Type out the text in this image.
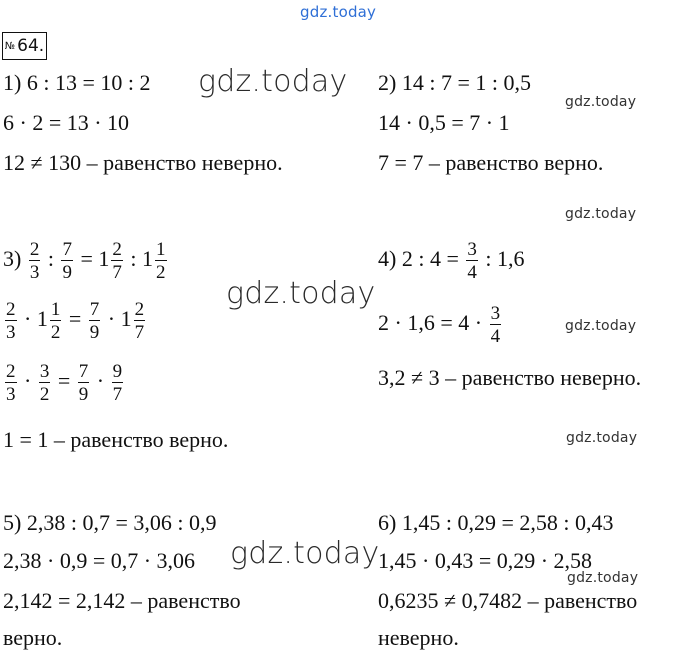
gdz.today
gdz.today
gdz.today
gdz.today
gdz.today
gdz.today
gdz.today
gdz.today
gdz.today
№ 64.
1) 6 : 13 = 10 : 2
6 · 2 = 13 · 10
12 ≠ 130 – равенство неверно.
2) 14 : 7 = 1 : 0,5
14 · 0,5 = 7 · 1
7 = 7 – равенство верно.
$3) \frac{2}{3}$ : $\frac{7}{9} = 1 \frac{2}{7}$ : $1 \frac{1}{2}$
$\frac{2}{3} \cdot 1 \frac{1}{2} = \frac{7}{9} \cdot 1 \frac{2}{7}$
$\frac{2}{3} \cdot \frac{3}{2} = \frac{7}{9} \cdot \frac{9}{7}$
1 = 1 – равенство верно.
4) 2 : $4 = \frac{3}{4}$ : 1,6
$2 \cdot 1,6 = 4 \cdot \frac{3}{4}$
3,2 ≠ 3 – равенство неверно.
5) 2,38 : 0,7 = 3,06 : 0,9
2,38 · 0,9 = 0,7 · 3,06
2,142 = 2,142 – равенство
верно.
6) 1,45 : 0,29 = 2,58 : 0,43
1,45 · 0,43 = 0,29 · 2,58
0,6235 ≠ 0,7482 – равенство
неверно.
